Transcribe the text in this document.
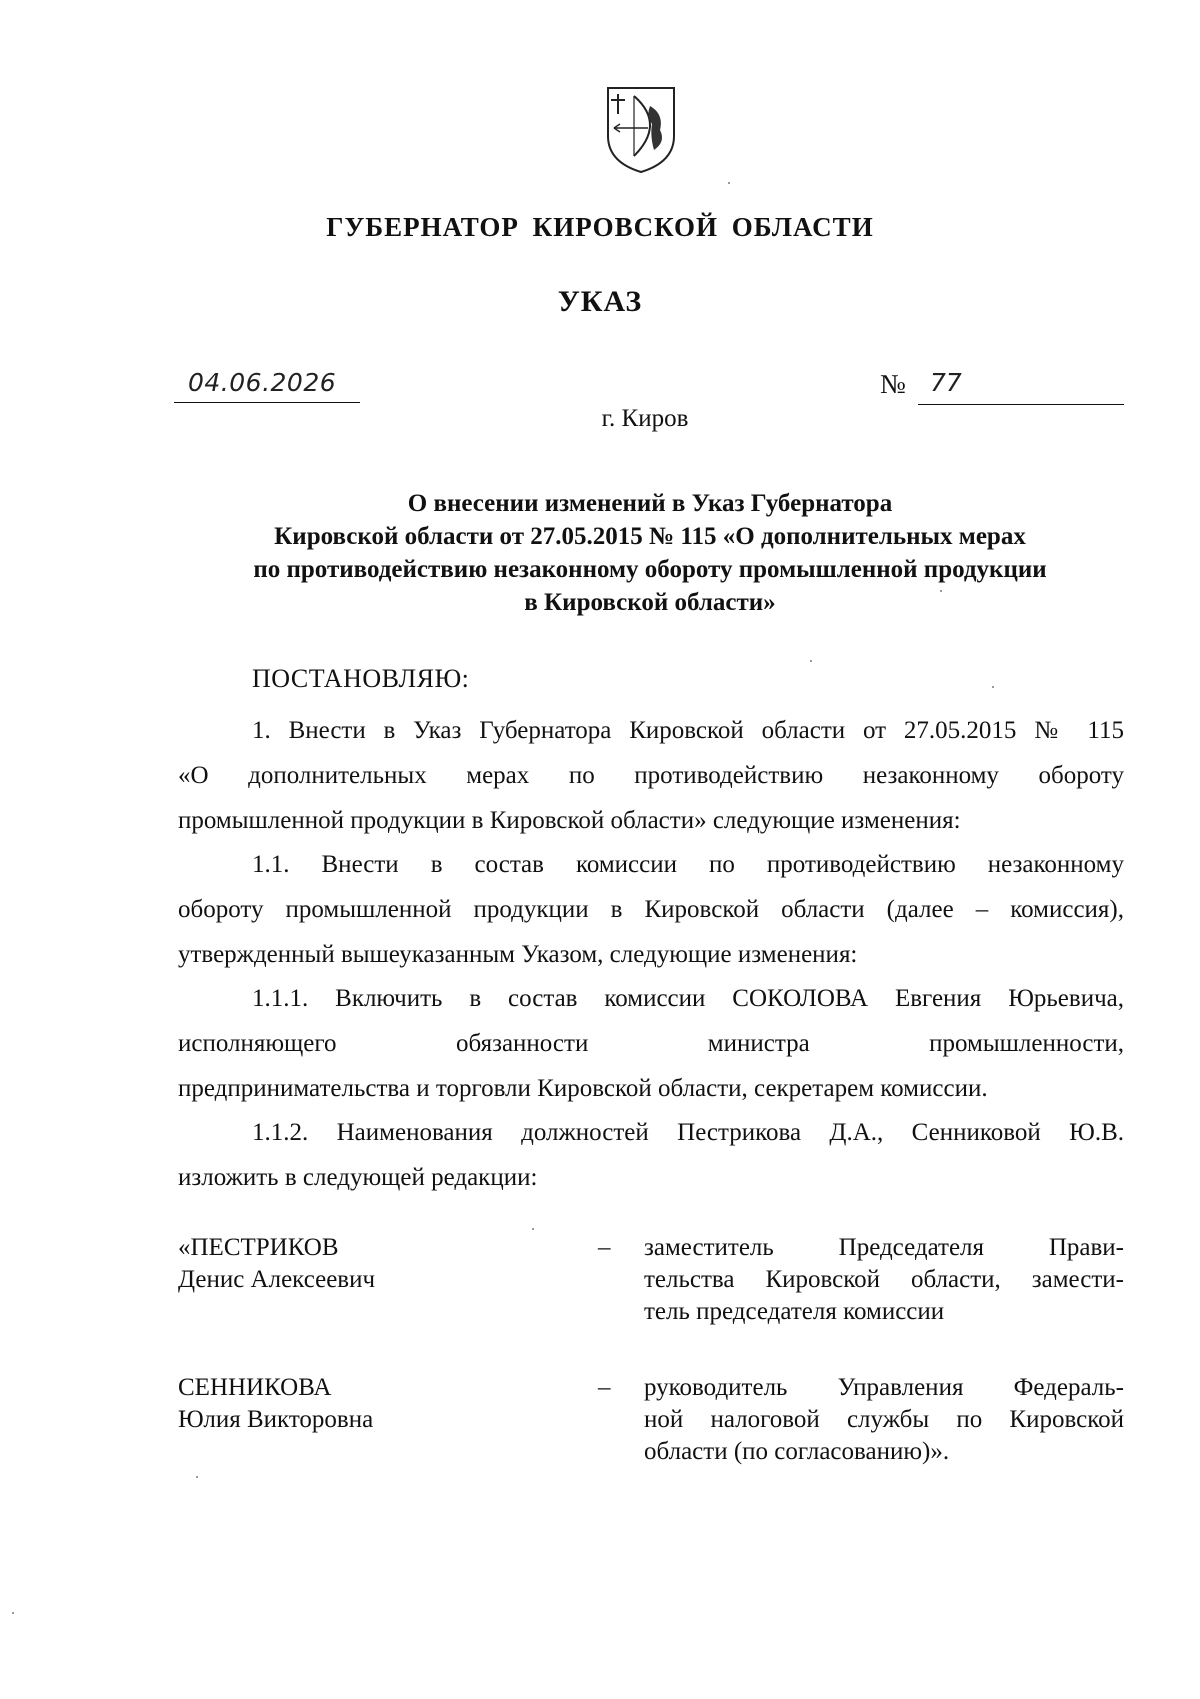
ГУБЕРНАТОР КИРОВСКОЙ ОБЛАСТИ
УКАЗ
04.06.2026	№ 77
г. Киров
О внесении изменений в Указ Губернатора
Кировской области от 27.05.2015 № 115 «О дополнительных мерах
по противодействию незаконному обороту промышленной продукции
в Кировской области»
ПОСТАНОВЛЯЮ:
1. Внести в Указ Губернатора Кировской области от 27.05.2015 № 115
«О дополнительных мерах по противодействию незаконному обороту
промышленной продукции в Кировской области» следующие изменения:
1.1. Внести в состав комиссии по противодействию незаконному
обороту промышленной продукции в Кировской области (далее – комиссия),
утвержденный вышеуказанным Указом, следующие изменения:
1.1.1. Включить в состав комиссии СОКОЛОВА Евгения Юрьевича,
исполняющего обязанности министра промышленности,
предпринимательства и торговли Кировской области, секретарем комиссии.
1.1.2. Наименования должностей Пестрикова Д.А., Сенниковой Ю.В.
изложить в следующей редакции:
«ПЕСТРИКОВ
Денис Алексеевич
– заместитель Председателя Прави-
тельства Кировской области, замести-
тель председателя комиссии
СЕННИКОВА
Юлия Викторовна
– руководитель Управления Федераль-
ной налоговой службы по Кировской
области (по согласованию)».
